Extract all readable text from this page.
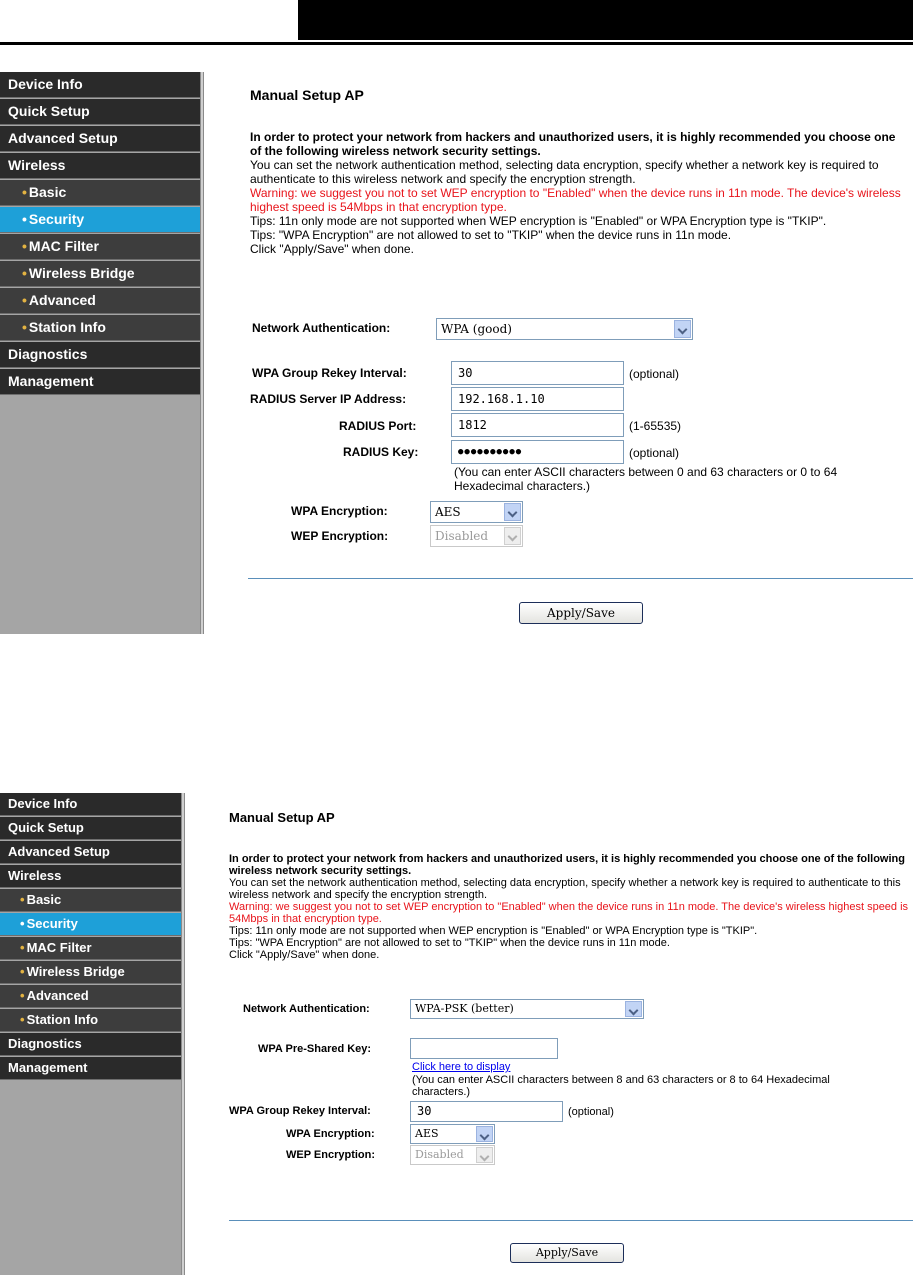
Device Info
Quick Setup
Advanced Setup
Wireless
• Basic
• Security
• MAC Filter
• Wireless Bridge
• Advanced
• Station Info
Diagnostics
Management
Manual Setup AP
In order to protect your network from hackers and unauthorized users, it is highly recommended you choose one of the following wireless network security settings.
You can set the network authentication method, selecting data encryption, specify whether a network key is required to authenticate to this wireless network and specify the encryption strength.
Warning: we suggest you not to set WEP encryption to "Enabled" when the device runs in 11n mode. The device's wireless highest speed is 54Mbps in that encryption type.
Tips: 11n only mode are not supported when WEP encryption is "Enabled" or WPA Encryption type is "TKIP".
Tips: "WPA Encryption" are not allowed to set to "TKIP" when the device runs in 11n mode.
Click "Apply/Save" when done.
Network Authentication:	WPA (good)
WPA Group Rekey Interval:	30	(optional)
RADIUS Server IP Address:	192.168.1.10
RADIUS Port:	1812	(1-65535)
RADIUS Key:	●●●●●●●●●●	(optional)
(You can enter ASCII characters between 0 and 63 characters or 0 to 64 Hexadecimal characters.)
WPA Encryption:	AES
WEP Encryption:	Disabled
Apply/Save
Device Info
Quick Setup
Advanced Setup
Wireless
• Basic
• Security
• MAC Filter
• Wireless Bridge
• Advanced
• Station Info
Diagnostics
Management
Manual Setup AP
In order to protect your network from hackers and unauthorized users, it is highly recommended you choose one of the following wireless network security settings.
You can set the network authentication method, selecting data encryption, specify whether a network key is required to authenticate to this wireless network and specify the encryption strength.
Warning: we suggest you not to set WEP encryption to "Enabled" when the device runs in 11n mode. The device's wireless highest speed is 54Mbps in that encryption type.
Tips: 11n only mode are not supported when WEP encryption is "Enabled" or WPA Encryption type is "TKIP".
Tips: "WPA Encryption" are not allowed to set to "TKIP" when the device runs in 11n mode.
Click "Apply/Save" when done.
Network Authentication:	WPA-PSK (better)
WPA Pre-Shared Key:
Click here to display
(You can enter ASCII characters between 8 and 63 characters or 8 to 64 Hexadecimal characters.)
WPA Group Rekey Interval:	30	(optional)
WPA Encryption:	AES
WEP Encryption:	Disabled
Apply/Save
